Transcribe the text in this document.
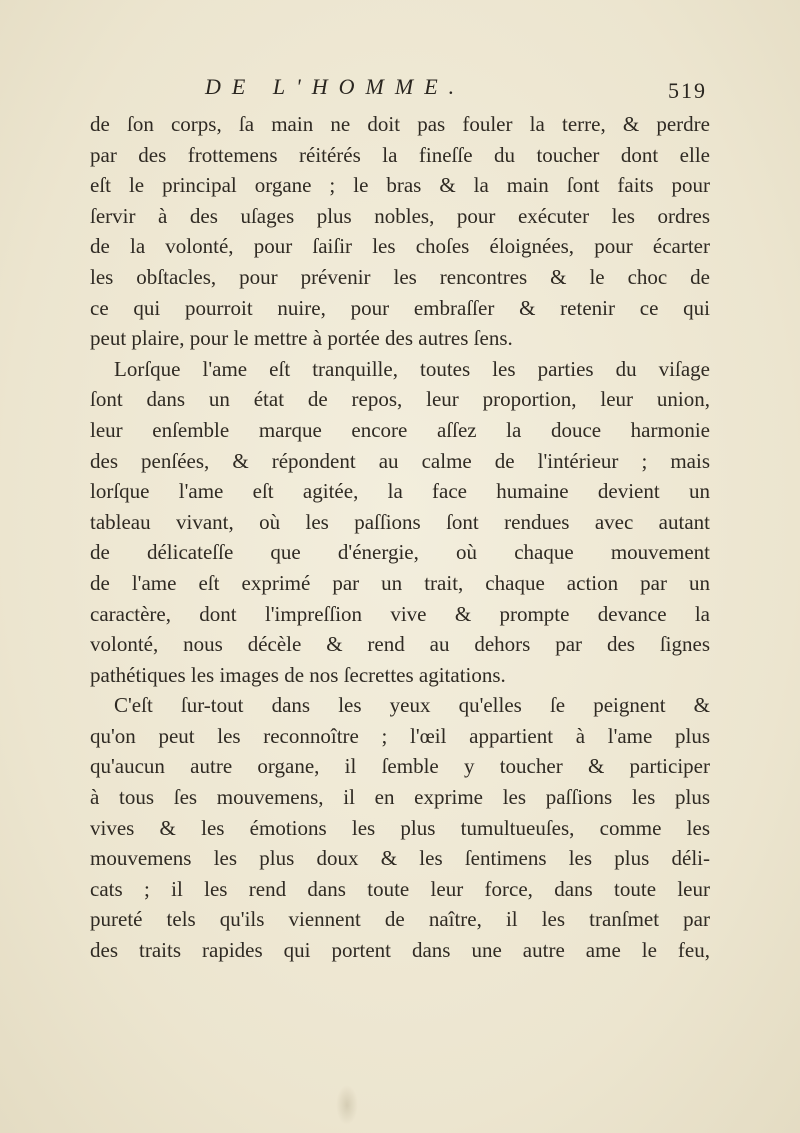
DE L'HOMME.	519
de ſon corps, ſa main ne doit pas fouler la terre, & perdre
par des frottemens réitérés la fineſſe du toucher dont elle
eſt le principal organe ; le bras & la main ſont faits pour
ſervir à des uſages plus nobles, pour exécuter les ordres
de la volonté, pour ſaiſir les choſes éloignées, pour écarter
les obſtacles, pour prévenir les rencontres & le choc de
ce qui pourroit nuire, pour embraſſer & retenir ce qui
peut plaire, pour le mettre à portée des autres ſens.
Lorſque l'ame eſt tranquille, toutes les parties du viſage
ſont dans un état de repos, leur proportion, leur union,
leur enſemble marque encore aſſez la douce harmonie
des penſées, & répondent au calme de l'intérieur ; mais
lorſque l'ame eſt agitée, la face humaine devient un
tableau vivant, où les paſſions ſont rendues avec autant
de délicateſſe que d'énergie, où chaque mouvement
de l'ame eſt exprimé par un trait, chaque action par un
caractère, dont l'impreſſion vive & prompte devance la
volonté, nous décèle & rend au dehors par des ſignes
pathétiques les images de nos ſecrettes agitations.
C'eſt ſur-tout dans les yeux qu'elles ſe peignent &
qu'on peut les reconnoître ; l'œil appartient à l'ame plus
qu'aucun autre organe, il ſemble y toucher & participer
à tous ſes mouvemens, il en exprime les paſſions les plus
vives & les émotions les plus tumultueuſes, comme les
mouvemens les plus doux & les ſentimens les plus déli-
cats ; il les rend dans toute leur force, dans toute leur
pureté tels qu'ils viennent de naître, il les tranſmet par
des traits rapides qui portent dans une autre ame le feu,
